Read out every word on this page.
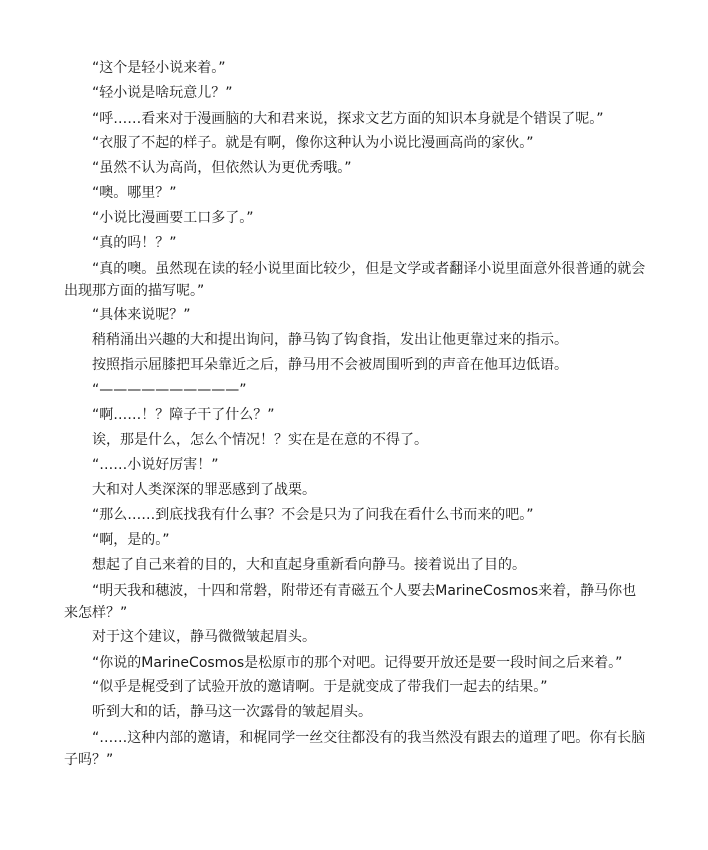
“这个是轻小说来着。”

“轻小说是啥玩意儿？”

“呼……看来对于漫画脑的大和君来说，探求文艺方面的知识本身就是个错误了呢。”

“衣服了不起的样子。就是有啊，像你这种认为小说比漫画高尚的家伙。”

“虽然不认为高尚，但依然认为更优秀哦。”

“噢。哪里？”

“小说比漫画要工口多了。”

“真的吗！？”

“真的噢。虽然现在读的轻小说里面比较少，但是文学或者翻译小说里面意外很普通的就会出现那方面的描写呢。”

“具体来说呢？”

稍稍涌出兴趣的大和提出询问，静马钩了钩食指，发出让他更靠过来的指示。

按照指示屈膝把耳朵靠近之后，静马用不会被周围听到的声音在他耳边低语。

“——————————”

“啊……！？障子干了什么？”

诶，那是什么，怎么个情况！？实在是在意的不得了。

“……小说好厉害！”

大和对人类深深的罪恶感到了战栗。

“那么……到底找我有什么事？不会是只为了问我在看什么书而来的吧。”

“啊，是的。”

想起了自己来着的目的，大和直起身重新看向静马。接着说出了目的。

“明天我和穗波，十四和常磐，附带还有青磁五个人要去MarineCosmos来着，静马你也来怎样？”

对于这个建议，静马微微皱起眉头。

“你说的MarineCosmos是松原市的那个对吧。记得要开放还是要一段时间之后来着。”

“似乎是梶受到了试验开放的邀请啊。于是就变成了带我们一起去的结果。”

听到大和的话，静马这一次露骨的皱起眉头。

“……这种内部的邀请，和梶同学一丝交往都没有的我当然没有跟去的道理了吧。你有长脑子吗？”
